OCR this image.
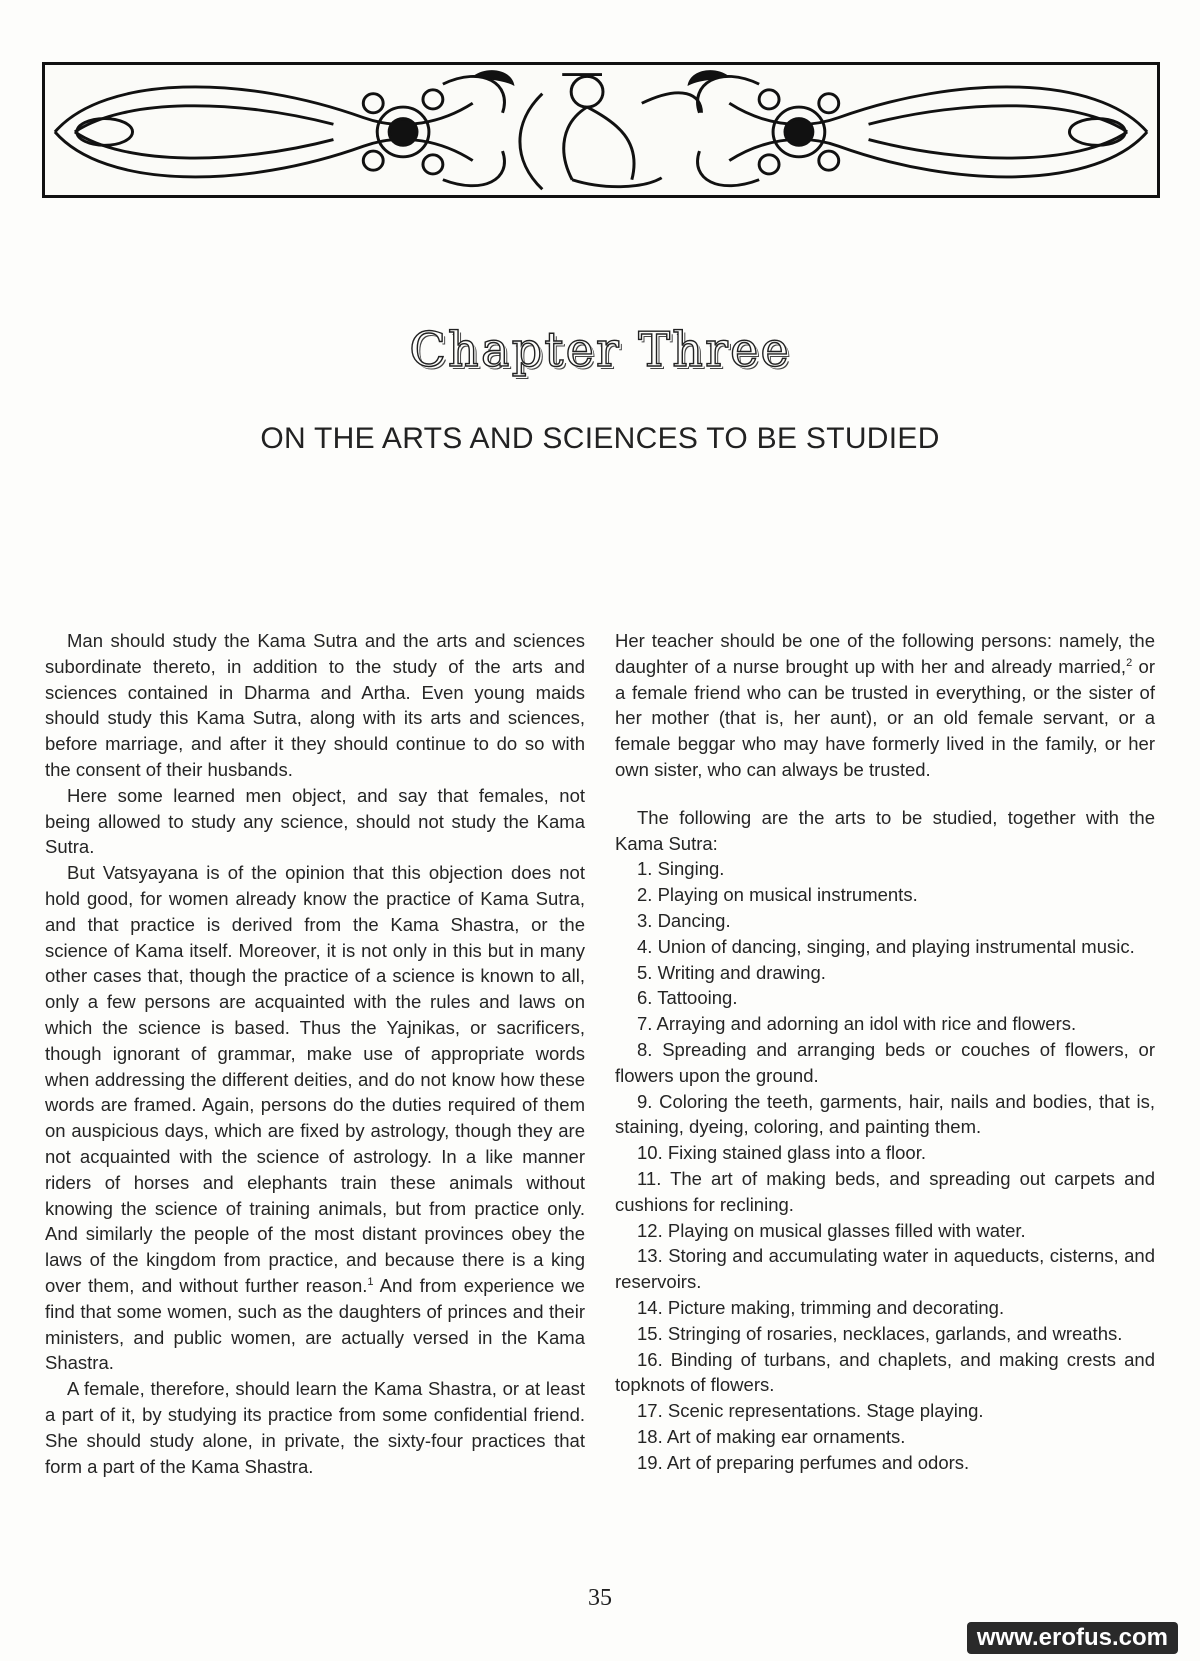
Chapter Three
ON THE ARTS AND SCIENCES TO BE STUDIED

Man should study the Kama Sutra and the arts and sciences subordinate thereto, in addition to the study of the arts and sciences contained in Dharma and Artha. Even young maids should study this Kama Sutra, along with its arts and sciences, before marriage, and after it they should continue to do so with the consent of their husbands.

Here some learned men object, and say that females, not being allowed to study any science, should not study the Kama Sutra.

But Vatsyayana is of the opinion that this objection does not hold good, for women already know the practice of Kama Sutra, and that practice is derived from the Kama Shastra, or the science of Kama itself. Moreover, it is not only in this but in many other cases that, though the practice of a science is known to all, only a few persons are acquainted with the rules and laws on which the science is based. Thus the Yajnikas, or sacrificers, though ignorant of grammar, make use of appropriate words when addressing the different deities, and do not know how these words are framed. Again, persons do the duties required of them on auspicious days, which are fixed by astrology, though they are not acquainted with the science of astrology. In a like manner riders of horses and elephants train these animals without knowing the science of training animals, but from practice only. And similarly the people of the most distant provinces obey the laws of the kingdom from practice, and because there is a king over them, and without further reason.$^1$ And from experience we find that some women, such as the daughters of princes and their ministers, and public women, are actually versed in the Kama Shastra.

A female, therefore, should learn the Kama Shastra, or at least a part of it, by studying its practice from some confidential friend. She should study alone, in private, the sixty-four practices that form a part of the Kama Shastra.

Her teacher should be one of the following persons: namely, the daughter of a nurse brought up with her and already married,$^2$ or a female friend who can be trusted in everything, or the sister of her mother (that is, her aunt), or an old female servant, or a female beggar who may have formerly lived in the family, or her own sister, who can always be trusted.

The following are the arts to be studied, together with the Kama Sutra:

1. Singing.
2. Playing on musical instruments.
3. Dancing.
4. Union of dancing, singing, and playing instrumental music.
5. Writing and drawing.
6. Tattooing.
7. Arraying and adorning an idol with rice and flowers.
8. Spreading and arranging beds or couches of flowers, or flowers upon the ground.
9. Coloring the teeth, garments, hair, nails and bodies, that is, staining, dyeing, coloring, and painting them.
10. Fixing stained glass into a floor.
11. The art of making beds, and spreading out carpets and cushions for reclining.
12. Playing on musical glasses filled with water.
13. Storing and accumulating water in aqueducts, cisterns, and reservoirs.
14. Picture making, trimming and decorating.
15. Stringing of rosaries, necklaces, garlands, and wreaths.
16. Binding of turbans, and chaplets, and making crests and topknots of flowers.
17. Scenic representations. Stage playing.
18. Art of making ear ornaments.
19. Art of preparing perfumes and odors.
35
www.erofus.com
